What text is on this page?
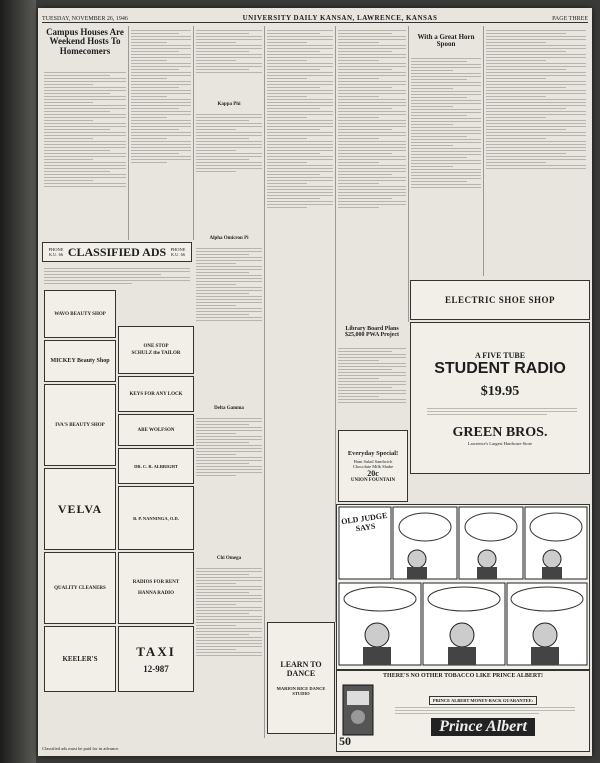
TUESDAY, NOVEMBER 26, 1946	UNIVERSITY DAILY KANSAN, LAWRENCE, KANSAS	PAGE THREE
Campus Houses Are Weekend Hosts To Homecomers
PHONE K.U. 66 CLASSIFIED ADS PHONE K.U. 66
WAVO BEAUTY SHOP
MICKEY Beauty Shop
IVA'S BEAUTY SHOP
VELVA
QUALITY CLEANERS
KEELER'S
ONE STOP
SCHULZ the TAILOR
KEYS FOR ANY LOCK
ABE WOLFSON
DR. C. R. ALBRIGHT
B. P. NANNINGA, O.D.
RADIOS FOR RENT
HANNA RADIO
TAXI
12-987
Kappa Phi
Alpha Omicron Pi
Delta Gamma
Chi Omega
LEARN TO DANCE
MARION RICE DANCE STUDIO
With a Great Horn Spoon
Library Board Plans $25,000 PWA Project
Everyday Special!
Ham Salad Sandwich
Chocolate Milk Shake
20c
UNION FOUNTAIN
ELECTRIC SHOE SHOP
A FIVE TUBE
STUDENT RADIO
$19.95
GREEN BROS.
Lawrence's Largest Hardware Store
OLD JUDGE SAYS
THERE'S NO OTHER TOBACCO LIKE PRINCE ALBERT!
PRINCE ALBERT MONEY-BACK GUARANTEE:
Prince Albert
50
Classified ads must be paid for in advance.
